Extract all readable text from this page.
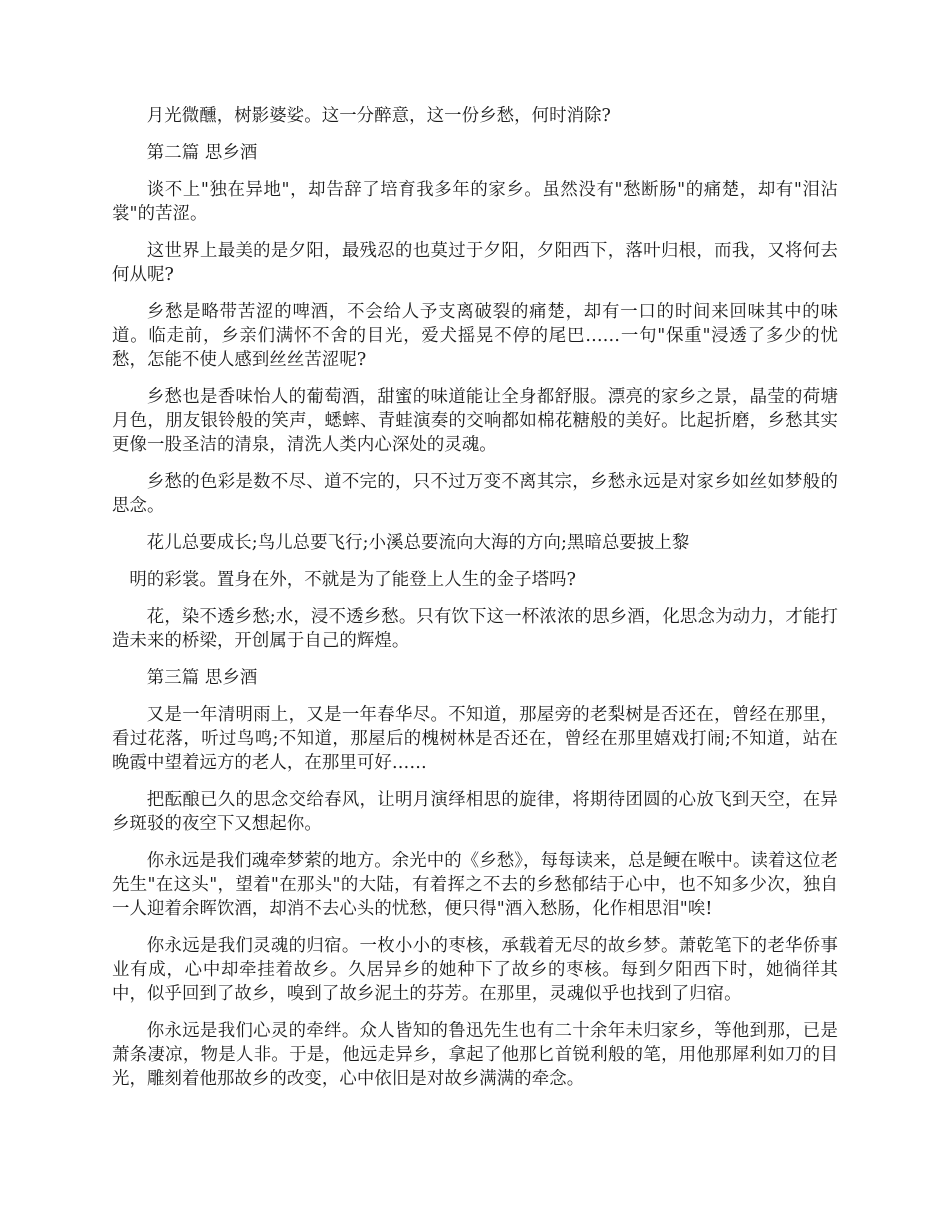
月光微醺，树影婆娑。这一分醉意，这一份乡愁，何时消除?

第二篇 思乡酒

谈不上"独在异地"，却告辞了培育我多年的家乡。虽然没有"愁断肠"的痛楚，却有"泪沾裳"的苦涩。

这世界上最美的是夕阳，最残忍的也莫过于夕阳，夕阳西下，落叶归根，而我，又将何去何从呢?

乡愁是略带苦涩的啤酒，不会给人予支离破裂的痛楚，却有一口的时间来回味其中的味道。临走前，乡亲们满怀不舍的目光，爱犬摇晃不停的尾巴……一句"保重"浸透了多少的忧愁，怎能不使人感到丝丝苦涩呢?

乡愁也是香味怡人的葡萄酒，甜蜜的味道能让全身都舒服。漂亮的家乡之景，晶莹的荷塘月色，朋友银铃般的笑声，蟋蟀、青蛙演奏的交响都如棉花糖般的美好。比起折磨，乡愁其实更像一股圣洁的清泉，清洗人类内心深处的灵魂。

乡愁的色彩是数不尽、道不完的，只不过万变不离其宗，乡愁永远是对家乡如丝如梦般的思念。

花儿总要成长;鸟儿总要飞行;小溪总要流向大海的方向;黑暗总要披上黎

明的彩裳。置身在外，不就是为了能登上人生的金子塔吗?

花，染不透乡愁;水，浸不透乡愁。只有饮下这一杯浓浓的思乡酒，化思念为动力，才能打造未来的桥梁，开创属于自己的辉煌。

第三篇 思乡酒

又是一年清明雨上，又是一年春华尽。不知道，那屋旁的老梨树是否还在，曾经在那里，看过花落，听过鸟鸣;不知道，那屋后的槐树林是否还在，曾经在那里嬉戏打闹;不知道，站在晚霞中望着远方的老人，在那里可好……

把酝酿已久的思念交给春风，让明月演绎相思的旋律，将期待团圆的心放飞到天空，在异乡斑驳的夜空下又想起你。

你永远是我们魂牵梦萦的地方。余光中的《乡愁》，每每读来，总是鲠在喉中。读着这位老先生"在这头"，望着"在那头"的大陆，有着挥之不去的乡愁郁结于心中，也不知多少次，独自一人迎着余晖饮酒，却消不去心头的忧愁，便只得"酒入愁肠，化作相思泪"唉!

你永远是我们灵魂的归宿。一枚小小的枣核，承载着无尽的故乡梦。萧乾笔下的老华侨事业有成，心中却牵挂着故乡。久居异乡的她种下了故乡的枣核。每到夕阳西下时，她徜徉其中，似乎回到了故乡，嗅到了故乡泥土的芬芳。在那里，灵魂似乎也找到了归宿。

你永远是我们心灵的牵绊。众人皆知的鲁迅先生也有二十余年未归家乡，等他到那，已是萧条凄凉，物是人非。于是，他远走异乡，拿起了他那匕首锐利般的笔，用他那犀利如刀的目光，雕刻着他那故乡的改变，心中依旧是对故乡满满的牵念。
